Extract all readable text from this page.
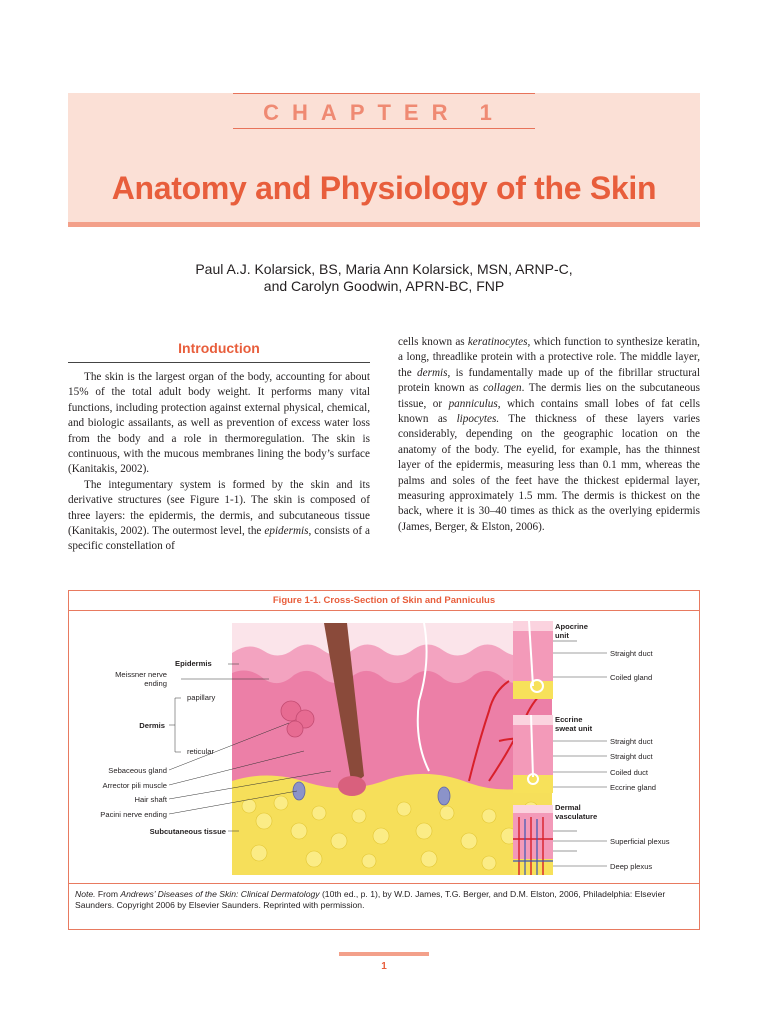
CHAPTER 1
Anatomy and Physiology of the Skin
Paul A.J. Kolarsick, BS, Maria Ann Kolarsick, MSN, ARNP-C,
and Carolyn Goodwin, APRN-BC, FNP
Introduction

The skin is the largest organ of the body, accounting for about 15% of the total adult body weight. It performs many vital functions, including protection against external physical, chemical, and biologic assailants, as well as prevention of excess water loss from the body and a role in thermoregulation. The skin is continuous, with the mucous membranes lining the body’s surface (Kanitakis, 2002).

The integumentary system is formed by the skin and its derivative structures (see Figure 1-1). The skin is composed of three layers: the epidermis, the dermis, and subcutaneous tissue (Kanitakis, 2002). The outermost level, the epidermis, consists of a specific constellation of

cells known as keratinocytes, which function to synthesize keratin, a long, threadlike protein with a protective role. The middle layer, the dermis, is fundamentally made up of the fibrillar structural protein known as collagen. The dermis lies on the subcutaneous tissue, or panniculus, which contains small lobes of fat cells known as lipocytes. The thickness of these layers varies considerably, depending on the geographic location on the anatomy of the body. The eyelid, for example, has the thinnest layer of the epidermis, measuring less than 0.1 mm, whereas the palms and soles of the feet have the thickest epidermal layer, measuring approximately 1.5 mm. The dermis is thickest on the back, where it is 30–40 times as thick as the overlying epidermis (James, Berger, & Elston, 2006).

Figure 1-1. Cross-Section of Skin and Panniculus
Meissner nerve
ending
Epidermis
papillary
Dermis
reticular
Sebaceous gland
Arrector pili muscle
Hair shaft
Pacini nerve ending
Subcutaneous tissue
Apocrine
unit
Straight duct
Coiled gland
Eccrine
sweat unit
Straight duct
Straight duct
Coiled duct
Eccrine gland
Dermal
vasculature
Superficial plexus
Deep plexus
Note. From Andrews’ Diseases of the Skin: Clinical Dermatology (10th ed., p. 1), by W.D. James, T.G. Berger, and D.M. Elston, 2006, Philadelphia: Elsevier Saunders. Copyright 2006 by Elsevier Saunders. Reprinted with permission.
1
